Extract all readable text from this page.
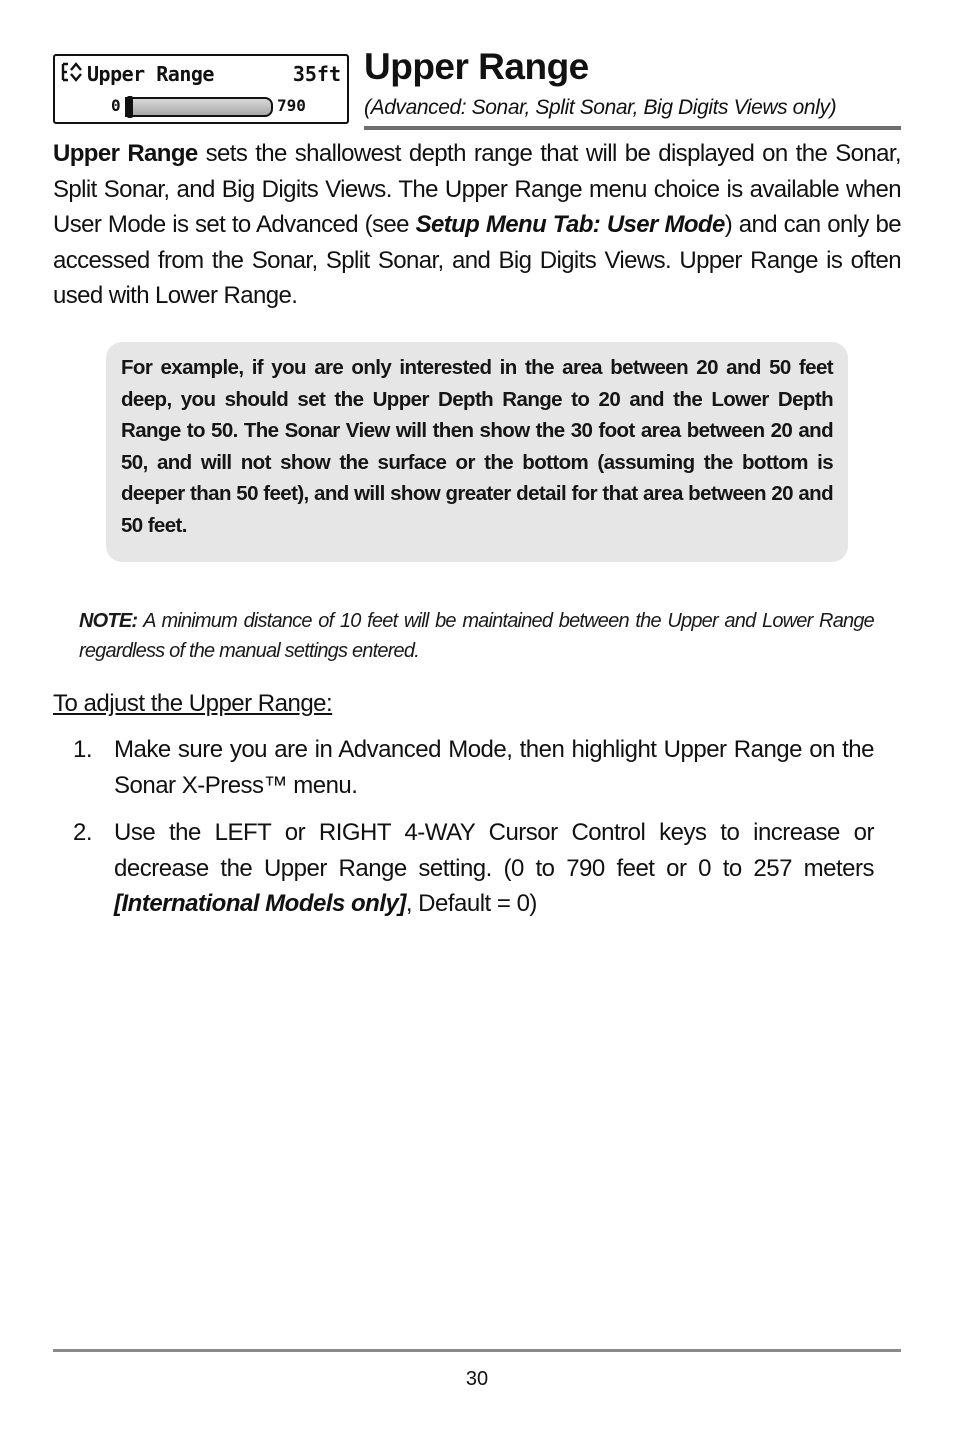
Upper Range	35ft
0	790
Upper Range
(Advanced: Sonar, Split Sonar, Big Digits Views only)
Upper Range sets the shallowest depth range that will be displayed on the Sonar, Split Sonar, and Big Digits Views. The Upper Range menu choice is available when User Mode is set to Advanced (see Setup Menu Tab: User Mode) and can only be accessed from the Sonar, Split Sonar, and Big Digits Views. Upper Range is often used with Lower Range.
For example, if you are only interested in the area between 20 and 50 feet deep, you should set the Upper Depth Range to 20 and the Lower Depth Range to 50. The Sonar View will then show the 30 foot area between 20 and 50, and will not show the surface or the bottom (assuming the bottom is deeper than 50 feet), and will show greater detail for that area between 20 and 50 feet.
NOTE: A minimum distance of 10 feet will be maintained between the Upper and Lower Range regardless of the manual settings entered.
To adjust the Upper Range:
1. Make sure you are in Advanced Mode, then highlight Upper Range on the Sonar X-Press™ menu.
2. Use the LEFT or RIGHT 4-WAY Cursor Control keys to increase or decrease the Upper Range setting. (0 to 790 feet or 0 to 257 meters [International Models only], Default = 0)
30
